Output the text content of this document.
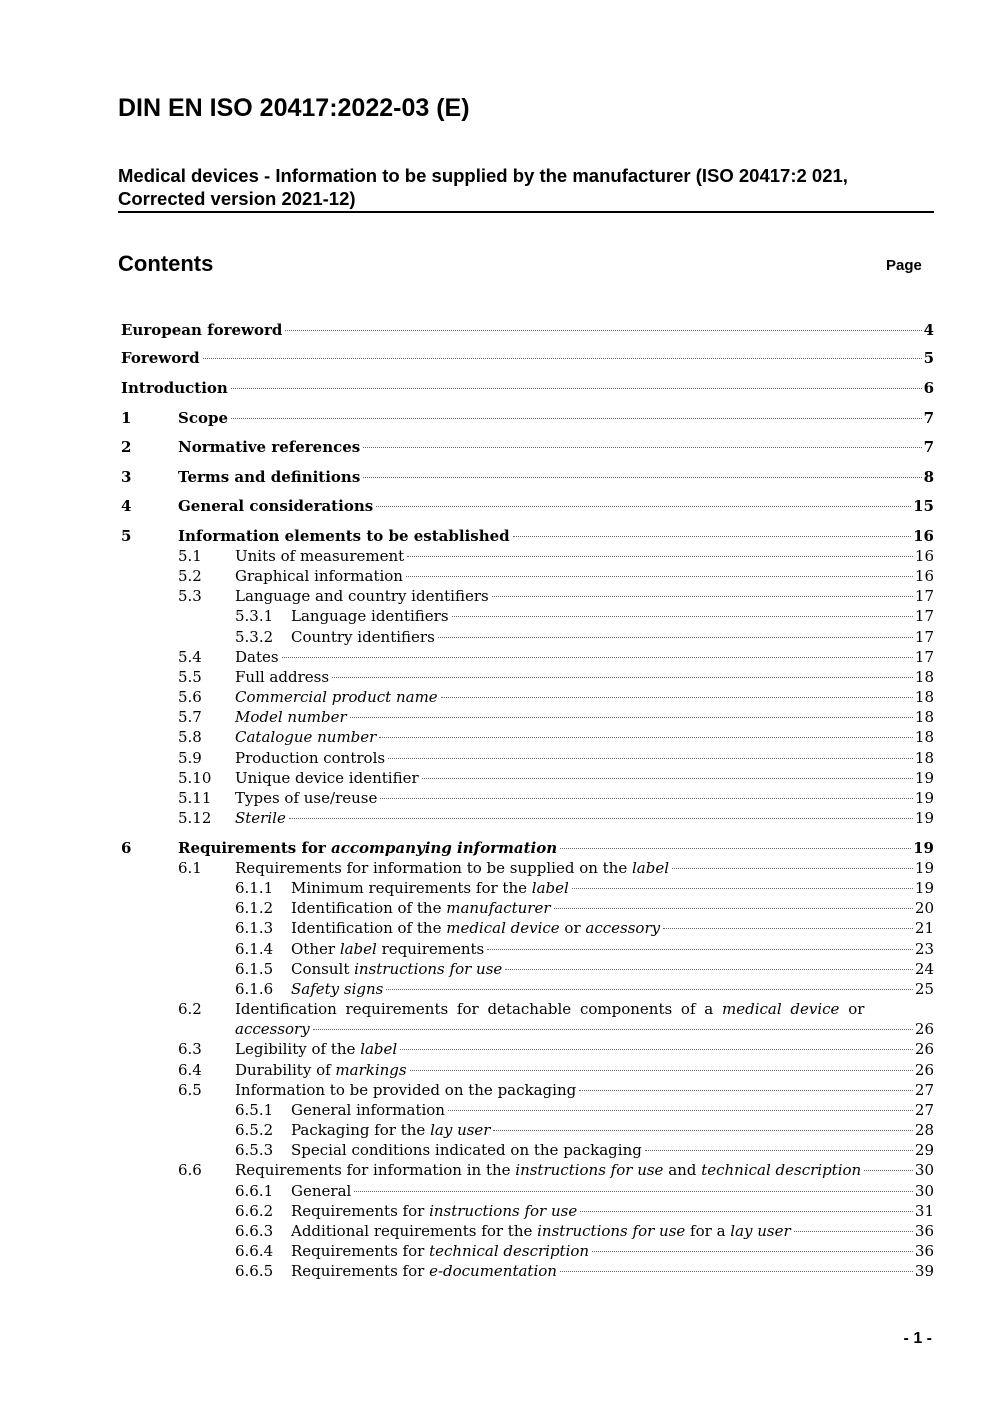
DIN EN ISO 20417:2022-03 (E)
Medical devices - Information to be supplied by the manufacturer (ISO 20417:2 021,
Corrected version 2021-12)
Contents	Page
European foreword	4
Foreword	5
Introduction	6
1	Scope	7
2	Normative references	7
3	Terms and definitions	8
4	General considerations	15
5	Information elements to be established	16
5.1 Units of measurement	16
5.2 Graphical information	16
5.3 Language and country identifiers	17
5.3.1 Language identifiers	17
5.3.2 Country identifiers	17
5.4 Dates	17
5.5 Full address	18
5.6 Commercial product name	18
5.7 Model number	18
5.8 Catalogue number	18
5.9 Production controls	18
5.10 Unique device identifier	19
5.11 Types of use/reuse	19
5.12 Sterile	19
6	Requirements for accompanying information	19
6.1 Requirements for information to be supplied on the label	19
6.1.1 Minimum requirements for the label	19
6.1.2 Identification of the manufacturer	20
6.1.3 Identification of the medical device or accessory	21
6.1.4 Other label requirements	23
6.1.5 Consult instructions for use	24
6.1.6 Safety signs	25
6.2 Identification requirements for detachable components of a medical device or
accessory	26
6.3 Legibility of the label	26
6.4 Durability of markings	26
6.5 Information to be provided on the packaging	27
6.5.1 General information	27
6.5.2 Packaging for the lay user	28
6.5.3 Special conditions indicated on the packaging	29
6.6 Requirements for information in the instructions for use and technical description	30
6.6.1 General	30
6.6.2 Requirements for instructions for use	31
6.6.3 Additional requirements for the instructions for use for a lay user	36
6.6.4 Requirements for technical description	36
6.6.5 Requirements for e-documentation	39
- 1 -
